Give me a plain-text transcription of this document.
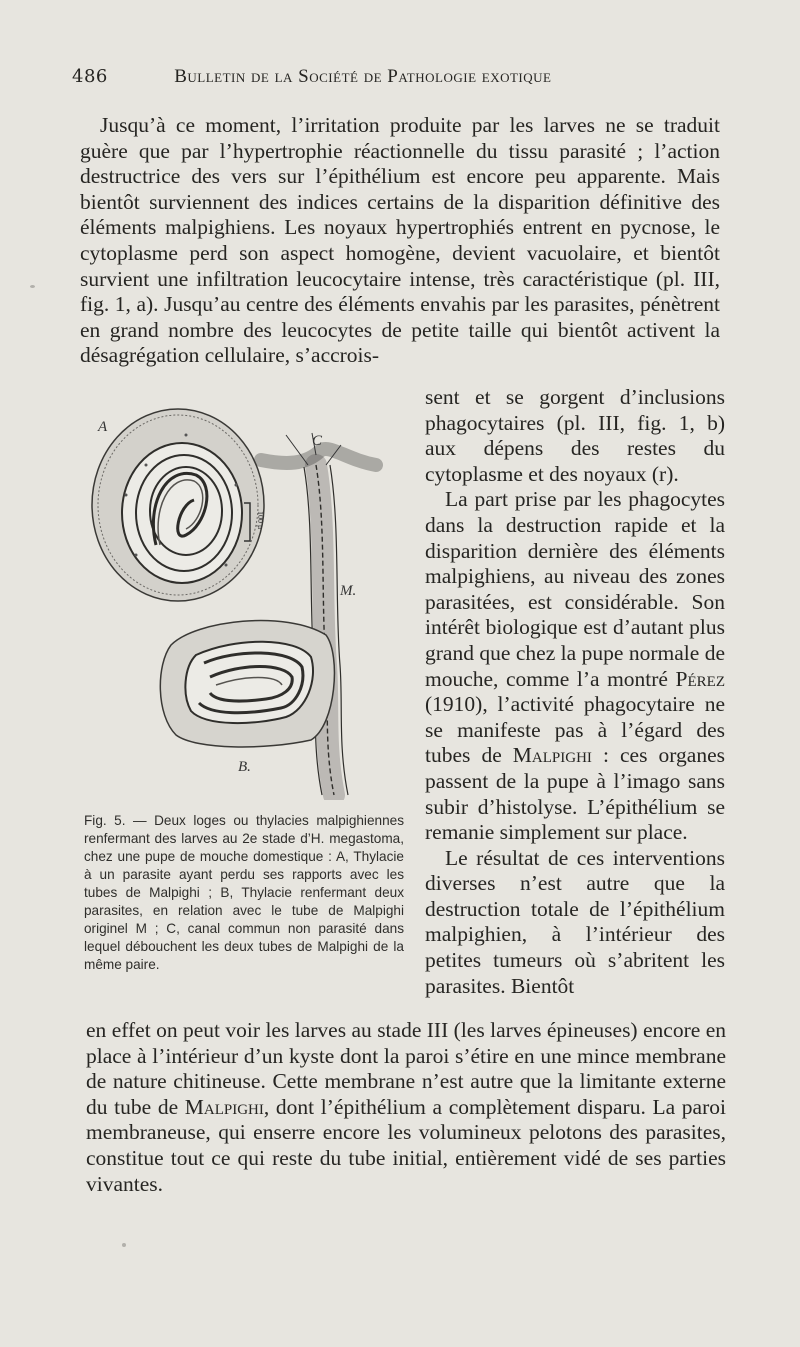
486	Bulletin de la Société de Pathologie exotique

Jusqu’à ce moment, l’irritation produite par les larves ne se traduit guère que par l’hypertrophie réactionnelle du tissu parasité ; l’action destructrice des vers sur l’épithélium est encore peu apparente. Mais bientôt surviennent des indices certains de la disparition définitive des éléments malpighiens. Les noyaux hypertrophiés entrent en pycnose, le cytoplasme perd son aspect homogène, devient vacuolaire, et bientôt survient une infiltration leucocytaire intense, très caractéristique (pl. III, fig. 1, a). Jusqu’au centre des éléments envahis par les parasites, pénètrent en grand nombre des leucocytes de petite taille qui bientôt activent la désagrégation cellulaire, s’accrois-

100 μ
A
C
M.
B.

Fig. 5. — Deux loges ou thylacies malpighiennes renfermant des larves au 2e stade d’H. megastoma, chez une pupe de mouche domestique : A, Thylacie à un parasite ayant perdu ses rapports avec les tubes de Malpighi ; B, Thylacie renfermant deux parasites, en relation avec le tube de Malpighi originel M ; C, canal commun non parasité dans lequel débouchent les deux tubes de Malpighi de la même paire.

sent et se gorgent d’inclusions phagocytaires (pl. III, fig. 1, b) aux dépens des restes du cytoplasme et des noyaux (r).

La part prise par les phagocytes dans la destruction rapide et la disparition dernière des éléments malpighiens, au niveau des zones parasitées, est considérable. Son intérêt biologique est d’autant plus grand que chez la pupe normale de mouche, comme l’a montré Pérez (1910), l’activité phagocytaire ne se manifeste pas à l’égard des tubes de Malpighi : ces organes passent de la pupe à l’imago sans subir d’histolyse. L’épithélium se remanie simplement sur place.

Le résultat de ces interventions diverses n’est autre que la destruction totale de l’épithélium malpighien, à l’intérieur des petites tumeurs où s’abritent les parasites. Bientôt

en effet on peut voir les larves au stade III (les larves épineuses) encore en place à l’intérieur d’un kyste dont la paroi s’étire en une mince membrane de nature chitineuse. Cette membrane n’est autre que la limitante externe du tube de Malpighi, dont l’épithélium a complètement disparu. La paroi membraneuse, qui enserre encore les volumineux pelotons des parasites, constitue tout ce qui reste du tube initial, entièrement vidé de ses parties vivantes.
